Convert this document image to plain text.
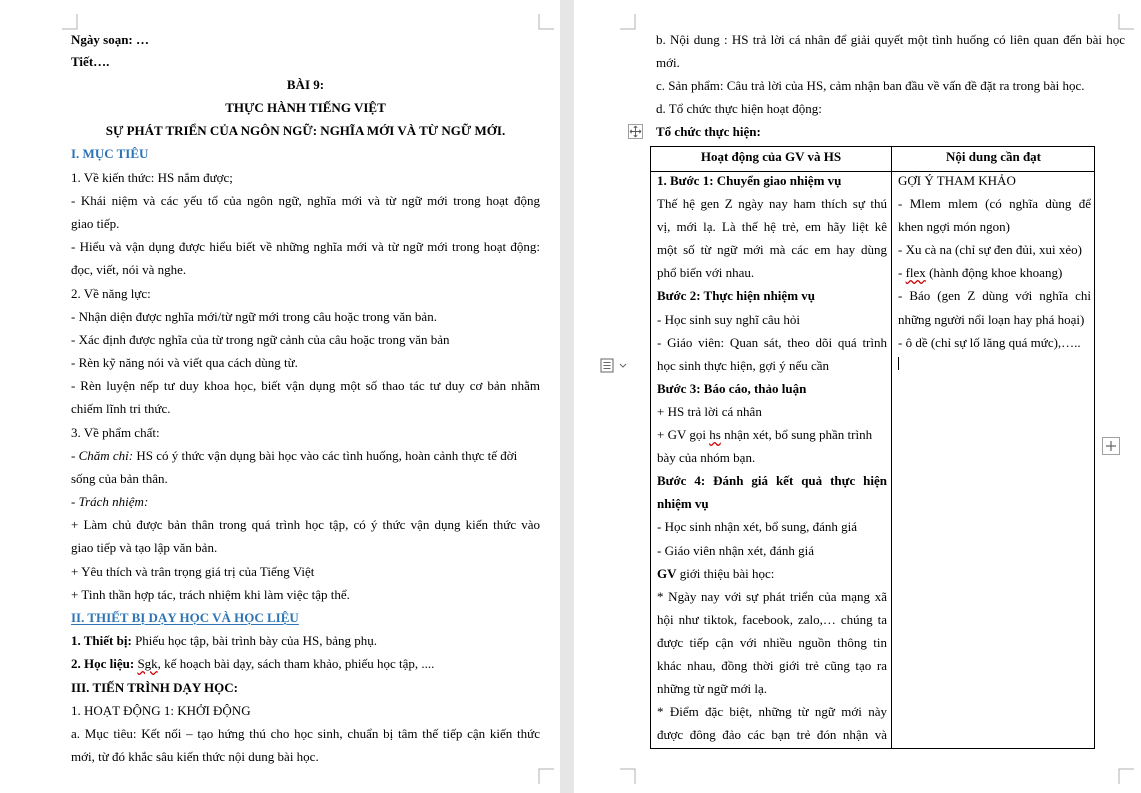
Ngày soạn: …
Tiết….
BÀI 9:
THỰC HÀNH TIẾNG VIỆT
SỰ PHÁT TRIỂN CỦA NGÔN NGỮ: NGHĨA MỚI VÀ TỪ NGỮ MỚI.
I. MỤC TIÊU
1. Về kiến thức: HS nắm được;
- Khái niệm và các yếu tố của ngôn ngữ, nghĩa mới và từ ngữ mới trong hoạt động
giao tiếp.
- Hiểu và vận dụng được hiểu biết về những nghĩa mới và từ ngữ mới trong hoạt động:
đọc, viết, nói và nghe.
2. Về năng lực:
- Nhận diện được nghĩa mới/từ ngữ mới trong câu hoặc trong văn bản.
- Xác định được nghĩa của từ trong ngữ cảnh của câu hoặc trong văn bản
- Rèn kỹ năng nói và viết qua cách dùng từ.
- Rèn luyện nếp tư duy khoa học, biết vận dụng một số thao tác tư duy cơ bản nhằm
chiếm lĩnh tri thức.
3. Về phẩm chất:
- Chăm chỉ: HS có ý thức vận dụng bài học vào các tình huống, hoàn cảnh thực tế đời
sống của bản thân.
- Trách nhiệm:
+ Làm chủ được bản thân trong quá trình học tập, có ý thức vận dụng kiến thức vào
giao tiếp và tạo lập văn bản.
+ Yêu thích và trân trọng giá trị của Tiếng Việt
+ Tinh thần hợp tác, trách nhiệm khi làm việc tập thể.
II. THIẾT BỊ DẠY HỌC VÀ HỌC LIỆU
1. Thiết bị: Phiếu học tập, bài trình bày của HS, bảng phụ.
2. Học liệu: Sgk, kế hoạch bài dạy, sách tham khảo, phiếu học tập, ....
III. TIẾN TRÌNH DẠY HỌC:
1. HOẠT ĐỘNG 1: KHỞI ĐỘNG
a. Mục tiêu: Kết nối – tạo hứng thú cho học sinh, chuẩn bị tâm thế tiếp cận kiến thức
mới, từ đó khắc sâu kiến thức nội dung bài học.
b. Nội dung : HS trả lời cá nhân để giải quyết một tình huống có liên quan đến bài học
mới.
c. Sản phẩm: Câu trả lời của HS, cảm nhận ban đầu về vấn đề đặt ra trong bài học.
d. Tổ chức thực hiện hoạt động:
Tổ chức thực hiện:
Hoạt động của GV và HS	Nội dung cần đạt
1. Bước 1: Chuyển giao nhiệm vụ
Thế hệ gen Z ngày nay ham thích sự thú
vị, mới lạ. Là thế hệ trẻ, em hãy liệt kê
một số từ ngữ mới mà các em hay dùng
phổ biến với nhau.
Bước 2: Thực hiện nhiệm vụ
- Học sinh suy nghĩ câu hỏi
- Giáo viên: Quan sát, theo dõi quá trình
học sinh thực hiện, gợi ý nếu cần
Bước 3: Báo cáo, thảo luận
+ HS trả lời cá nhân
+ GV gọi hs nhận xét, bổ sung phần trình
bày của nhóm bạn.
Bước 4: Đánh giá kết quả thực hiện
nhiệm vụ
- Học sinh nhận xét, bổ sung, đánh giá
- Giáo viên nhận xét, đánh giá
GV giới thiệu bài học:
* Ngày nay với sự phát triển của mạng xã
hội như tiktok, facebook, zalo,… chúng ta
được tiếp cận với nhiều nguồn thông tin
khác nhau, đồng thời giới trẻ cũng tạo ra
những từ ngữ mới lạ.
* Điểm đặc biệt, những từ ngữ mới này
được đông đảo các bạn trẻ đón nhận và
GỢI Ý THAM KHẢO
- Mlem mlem (có nghĩa dùng để
khen ngợi món ngon)
- Xu cà na (chỉ sự đen đủi, xui xẻo)
- flex (hành động khoe khoang)
- Báo (gen Z dùng với nghĩa chỉ
những người nổi loạn hay phá hoại)
- ô dề (chỉ sự lố lăng quá mức),…..
